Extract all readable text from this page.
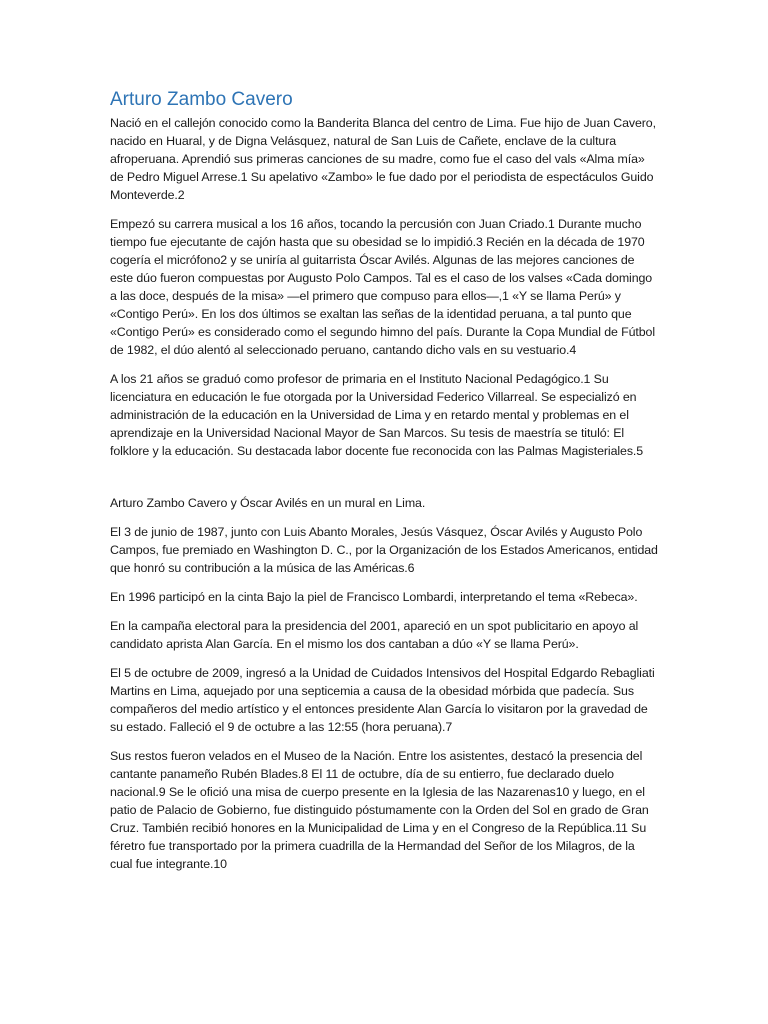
Arturo Zambo Cavero

Nació en el callejón conocido como la Banderita Blanca del centro de Lima. Fue hijo de Juan Cavero, nacido en Huaral, y de Digna Velásquez, natural de San Luis de Cañete, enclave de la cultura afroperuana. Aprendió sus primeras canciones de su madre, como fue el caso del vals «Alma mía» de Pedro Miguel Arrese.1 Su apelativo «Zambo» le fue dado por el periodista de espectáculos Guido Monteverde.2

Empezó su carrera musical a los 16 años, tocando la percusión con Juan Criado.1 Durante mucho tiempo fue ejecutante de cajón hasta que su obesidad se lo impidió.3 Recién en la década de 1970 cogería el micrófono2 y se uniría al guitarrista Óscar Avilés. Algunas de las mejores canciones de este dúo fueron compuestas por Augusto Polo Campos. Tal es el caso de los valses «Cada domingo a las doce, después de la misa» —el primero que compuso para ellos—,1 «Y se llama Perú» y «Contigo Perú». En los dos últimos se exaltan las señas de la identidad peruana, a tal punto que «Contigo Perú» es considerado como el segundo himno del país. Durante la Copa Mundial de Fútbol de 1982, el dúo alentó al seleccionado peruano, cantando dicho vals en su vestuario.4

A los 21 años se graduó como profesor de primaria en el Instituto Nacional Pedagógico.1 Su licenciatura en educación le fue otorgada por la Universidad Federico Villarreal. Se especializó en administración de la educación en la Universidad de Lima y en retardo mental y problemas en el aprendizaje en la Universidad Nacional Mayor de San Marcos. Su tesis de maestría se tituló: El folklore y la educación. Su destacada labor docente fue reconocida con las Palmas Magisteriales.5

Arturo Zambo Cavero y Óscar Avilés en un mural en Lima.

El 3 de junio de 1987, junto con Luis Abanto Morales, Jesús Vásquez, Óscar Avilés y Augusto Polo Campos, fue premiado en Washington D. C., por la Organización de los Estados Americanos, entidad que honró su contribución a la música de las Américas.6

En 1996 participó en la cinta Bajo la piel de Francisco Lombardi, interpretando el tema «Rebeca».

En la campaña electoral para la presidencia del 2001, apareció en un spot publicitario en apoyo al candidato aprista Alan García. En el mismo los dos cantaban a dúo «Y se llama Perú».

El 5 de octubre de 2009, ingresó a la Unidad de Cuidados Intensivos del Hospital Edgardo Rebagliati Martins en Lima, aquejado por una septicemia a causa de la obesidad mórbida que padecía. Sus compañeros del medio artístico y el entonces presidente Alan García lo visitaron por la gravedad de su estado. Falleció el 9 de octubre a las 12:55 (hora peruana).7

Sus restos fueron velados en el Museo de la Nación. Entre los asistentes, destacó la presencia del cantante panameño Rubén Blades.8 El 11 de octubre, día de su entierro, fue declarado duelo nacional.9 Se le ofició una misa de cuerpo presente en la Iglesia de las Nazarenas10 y luego, en el patio de Palacio de Gobierno, fue distinguido póstumamente con la Orden del Sol en grado de Gran Cruz. También recibió honores en la Municipalidad de Lima y en el Congreso de la República.11 Su féretro fue transportado por la primera cuadrilla de la Hermandad del Señor de los Milagros, de la cual fue integrante.10
